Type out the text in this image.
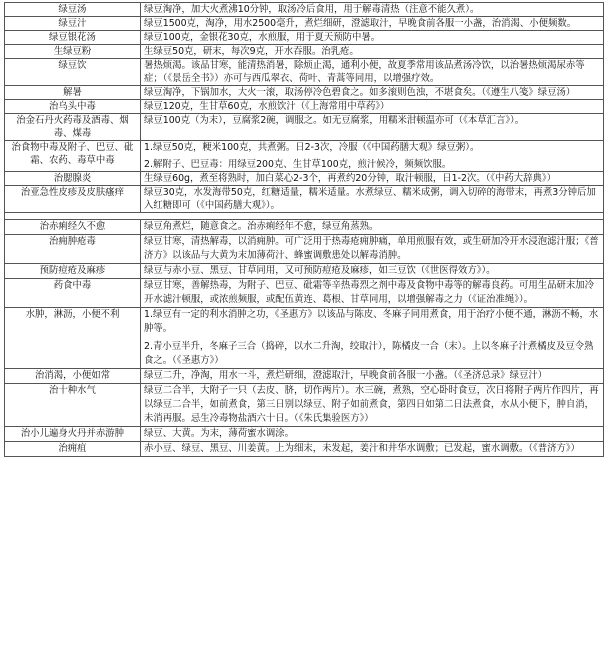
绿豆汤	绿豆淘净，加大火煮沸10分钟，取汤冷后食用，用于解毒清热（注意不能久煮）。

绿豆汁	绿豆1500克，淘净，用水2500毫升，煮烂细研，澄滤取汁，早晚食前各服一小盏，治消渴、小便频数。

绿豆银花汤	绿豆100克，金银花30克，水煎服，用于夏天预防中暑。

生绿豆粉	生绿豆50克，研末，每次9克，开水吞服。治乳疮。

绿豆饮	暑热烦渴。该品甘寒，能清热消暑，除烦止渴，通利小便，故夏季常用该品煮汤冷饮，以治暑热烦渴尿赤等症；（《景岳全书》）亦可与西瓜翠衣、荷叶、青蒿等同用，以增强疗效。

解暑	绿豆淘净，下锅加水，大火一滚，取汤停冷色碧食之。如多滚则色浊，不堪食矣。（《遵生八笺》绿豆汤）

治乌头中毒	绿豆120克，生甘草60克，水煎饮汁（《上海常用中草药》）

治金石丹火药毒及酒毒、烟毒、煤毒	绿豆100克（为末），豆腐浆2碗，调服之。如无豆腐浆，用糯米泔顿温亦可（《本草汇言》）。

治食物中毒及附子、巴豆、砒霜、农药、毒草中毒	1.绿豆50克，粳米100克，共煮粥。日2-3次，冷服（《中国药膳大观》绿豆粥）。
2.解附子、巴豆毒：用绿豆200克、生甘草100克，煎汁候冷，频频饮服。

治腮腺炎	生绿豆60g，煮至将熟时，加白菜心2-3个，再煮约20分钟，取汁顿服，日1-2次。（《中药大辞典》）

治亚急性皮疹及皮肤瘙痒	绿豆30克，水发海带50克，红糖适量，糯米适量。水煮绿豆、糯米成粥，调入切碎的海带末，再煮3分钟后加入红糖即可（《中国药膳大观》）。
治赤痢经久不愈	绿豆角煮烂，随意食之。治赤痢经年不愈，绿豆角蒸熟。

治痈肿疮毒	绿豆甘寒，清热解毒，以消痈肿。可广泛用于热毒疮痈肿痛，单用煎服有效，或生研加冷开水浸泡滤汁服；《普济方》以该品与大黄为末加薄荷汁、蜂蜜调敷患处以解毒消肿。

预防痘疮及麻疹	绿豆与赤小豆、黑豆、甘草同用，又可预防痘疮及麻疹，如三豆饮（《世医得效方》）。

药食中毒	绿豆甘寒，善解热毒，为附子、巴豆、砒霜等辛热毒烈之剂中毒及食物中毒等的解毒良药。可用生品研末加冷开水滤汁顿服，或浓煎频服，或配伍黄连、葛根、甘草同用，以增强解毒之力（《证治准绳》）。

水肿，淋沥，小便不利	1.绿豆有一定的利水消肿之功，《圣惠方》以该品与陈皮、冬麻子同用煮食，用于治疗小便不通，淋沥不畅，水肿等。
2.青小豆半升，冬麻子三合（捣碎，以水二升淘，绞取汁），陈橘皮一合（末）。上以冬麻子汁煮橘皮及豆令熟食之。（《圣惠方》）

治消渴，小便如常	绿豆二升，净淘，用水一斗，煮烂研细，澄滤取汁，早晚食前各服一小盏。（《圣济总录》绿豆汁）

治十种水气	绿豆二合半，大附子一只（去皮、脐，切作两片）。水三碗，煮熟，空心卧时食豆，次日将附子两片作四片，再以绿豆二合半，如前煮食，第三日别以绿豆、附子如前煮食，第四日如第二日法煮食，水从小便下，肿自消，未消再服。忌生冷毒物盐酒六十日。（《朱氏集验医方》）

治小儿遍身火丹并赤游肿	绿豆、大黄。为末，薄荷蜜水调涂。

治痈疽	赤小豆、绿豆、黑豆、川姜黄。上为细末，未发起，姜汁和井华水调敷；已发起，蜜水调敷。（《普济方》）
